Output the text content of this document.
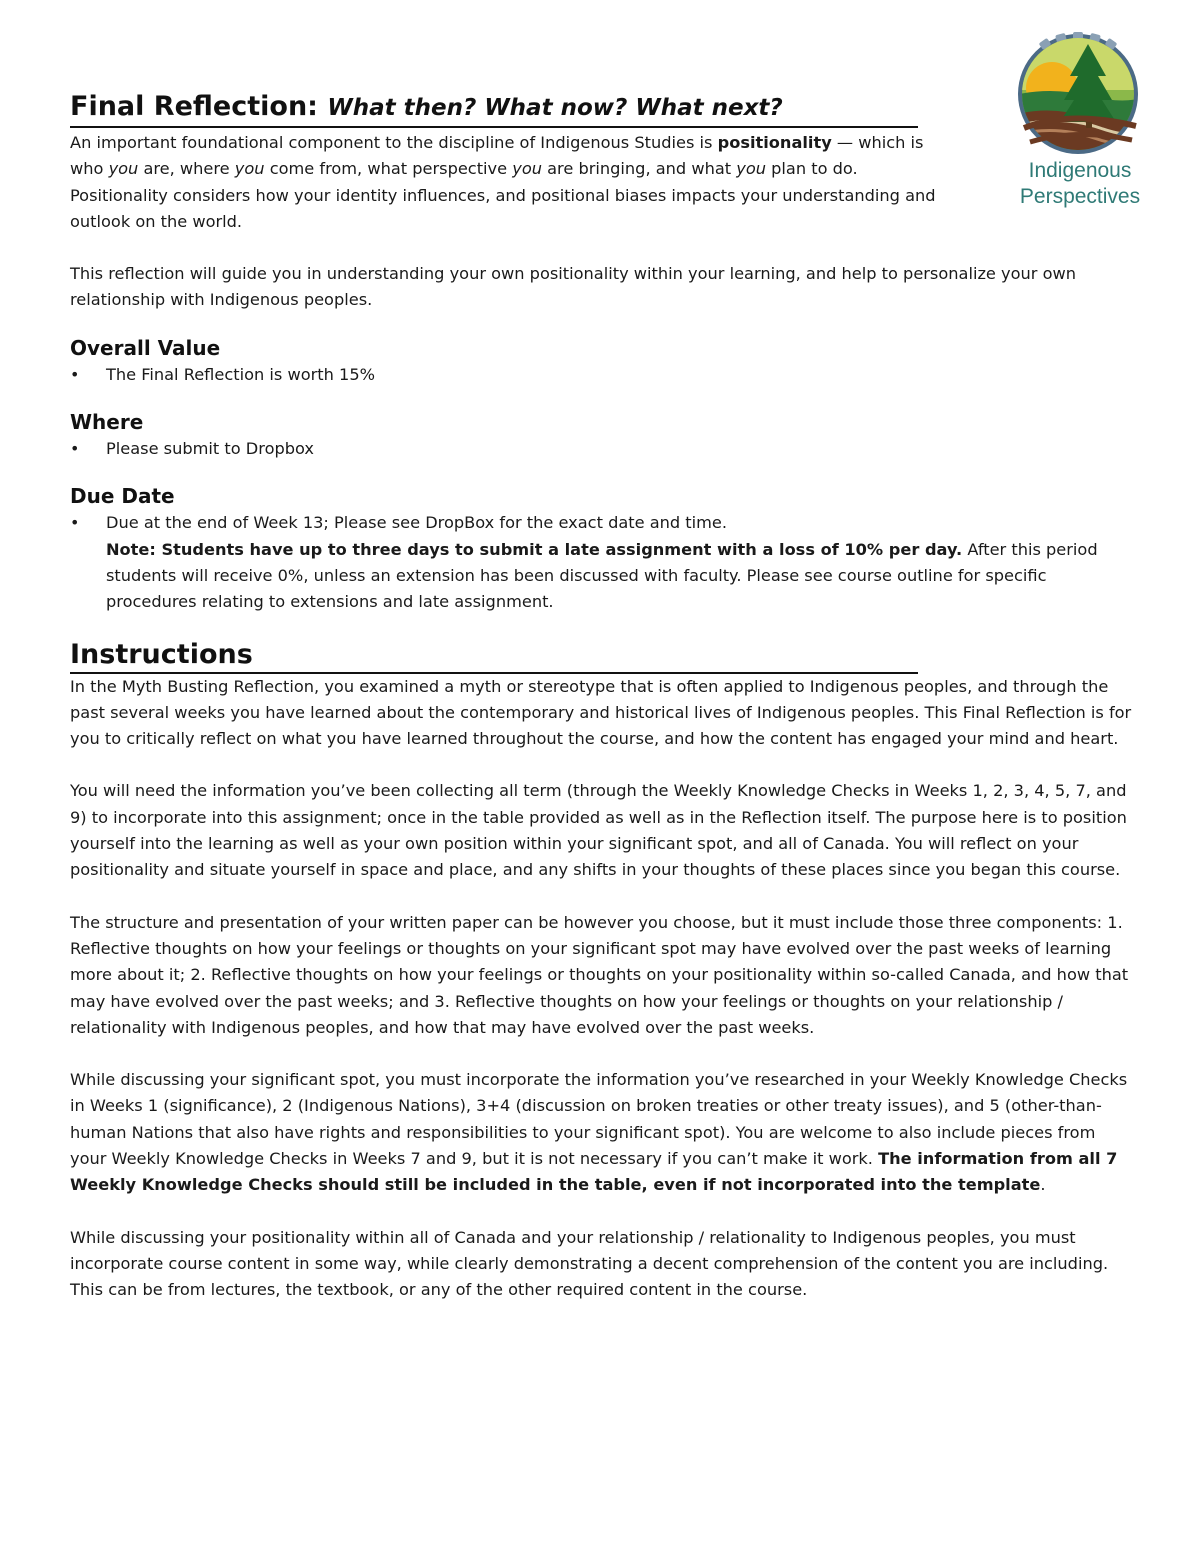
Indigenous
Perspectives
Final Reflection: What then? What now? What next?

An important foundational component to the discipline of Indigenous Studies is positionality — which is who you are, where you come from, what perspective you are bringing, and what you plan to do. Positionality considers how your identity influences, and positional biases impacts your understanding and outlook on the world.

This reflection will guide you in understanding your own positionality within your learning, and help to personalize your own relationship with Indigenous peoples.

Overall Value
•	The Final Reflection is worth 15%
Where
•	Please submit to Dropbox
Due Date
•	Due at the end of Week 13; Please see DropBox for the exact date and time.
Note: Students have up to three days to submit a late assignment with a loss of 10% per day. After this period students will receive 0%, unless an extension has been discussed with faculty. Please see course outline for specific procedures relating to extensions and late assignment.
Instructions

In the Myth Busting Reflection, you examined a myth or stereotype that is often applied to Indigenous peoples, and through the past several weeks you have learned about the contemporary and historical lives of Indigenous peoples. This Final Reflection is for you to critically reflect on what you have learned throughout the course, and how the content has engaged your mind and heart.

You will need the information you’ve been collecting all term (through the Weekly Knowledge Checks in Weeks 1, 2, 3, 4, 5, 7, and 9) to incorporate into this assignment; once in the table provided as well as in the Reflection itself. The purpose here is to position yourself into the learning as well as your own position within your significant spot, and all of Canada. You will reflect on your positionality and situate yourself in space and place, and any shifts in your thoughts of these places since you began this course.

The structure and presentation of your written paper can be however you choose, but it must include those three components: 1. Reflective thoughts on how your feelings or thoughts on your significant spot may have evolved over the past weeks of learning more about it; 2. Reflective thoughts on how your feelings or thoughts on your positionality within so-called Canada, and how that may have evolved over the past weeks; and 3. Reflective thoughts on how your feelings or thoughts on your relationship / relationality with Indigenous peoples, and how that may have evolved over the past weeks.

While discussing your significant spot, you must incorporate the information you’ve researched in your Weekly Knowledge Checks in Weeks 1 (significance), 2 (Indigenous Nations), 3+4 (discussion on broken treaties or other treaty issues), and 5 (other-than-human Nations that also have rights and responsibilities to your significant spot). You are welcome to also include pieces from your Weekly Knowledge Checks in Weeks 7 and 9, but it is not necessary if you can’t make it work. The information from all 7 Weekly Knowledge Checks should still be included in the table, even if not incorporated into the template.

While discussing your positionality within all of Canada and your relationship / relationality to Indigenous peoples, you must incorporate course content in some way, while clearly demonstrating a decent comprehension of the content you are including. This can be from lectures, the textbook, or any of the other required content in the course.
